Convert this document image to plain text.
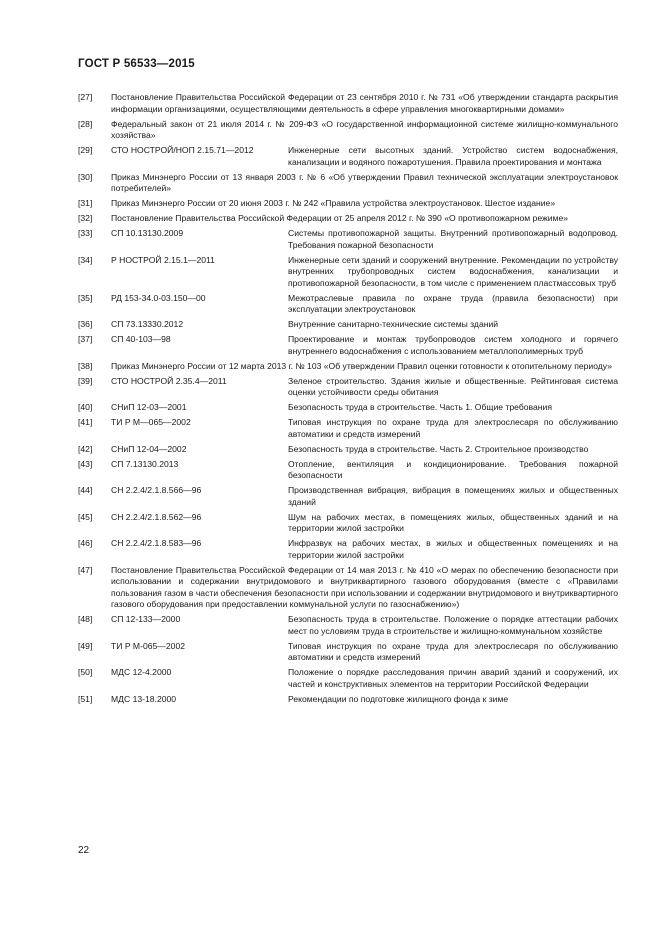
ГОСТ Р 56533—2015
[27]	Постановление Правительства Российской Федерации от 23 сентября 2010 г. № 731 «Об утверждении стандарта раскрытия информации организациями, осуществляющими деятельность в сфере управления многоквартирными домами»
[28]	Федеральный закон от 21 июля 2014 г. № 209-ФЗ «О государственной информационной системе жилищно-коммунального хозяйства»
[29]	СТО НОСТРОЙ/НОП 2.15.71—2012	Инженерные сети высотных зданий. Устройство систем водоснабжения, канализации и водяного пожаротушения. Правила проектирования и монтажа
[30]	Приказ Минэнерго России от 13 января 2003 г. № 6 «Об утверждении Правил технической эксплуатации электроустановок потребителей»
[31]	Приказ Минэнерго России от 20 июня 2003 г. № 242 «Правила устройства электроустановок. Шестое издание»
[32]	Постановление Правительства Российской Федерации от 25 апреля 2012 г. № 390 «О противопожарном режиме»
[33]	СП 10.13130.2009	Системы противопожарной защиты. Внутренний противопожарный водопровод. Требования пожарной безопасности
[34]	Р НОСТРОЙ 2.15.1—2011	Инженерные сети зданий и сооружений внутренние. Рекомендации по устройству внутренних трубопроводных систем водоснабжения, канализации и противопожарной безопасности, в том числе с применением пластмассовых труб
[35]	РД 153-34.0-03.150—00	Межотраслевые правила по охране труда (правила безопасности) при эксплуатации электроустановок
[36]	СП 73.13330.2012	Внутренние санитарно-технические системы зданий
[37]	СП 40-103—98	Проектирование и монтаж трубопроводов систем холодного и горячего внутреннего водоснабжения с использованием металлополимерных труб
[38]	Приказ Минэнерго России от 12 марта 2013 г. № 103 «Об утверждении Правил оценки готовности к отопительному периоду»
[39]	СТО НОСТРОЙ 2.35.4—2011	Зеленое строительство. Здания жилые и общественные. Рейтинговая система оценки устойчивости среды обитания
[40]	СНиП 12-03—2001	Безопасность труда в строительстве. Часть 1. Общие требования
[41]	ТИ Р М—065—2002	Типовая инструкция по охране труда для электрослесаря по обслуживанию автоматики и средств измерений
[42]	СНиП 12-04—2002	Безопасность труда в строительстве. Часть 2. Строительное производство
[43]	СП 7.13130.2013	Отопление, вентиляция и кондиционирование. Требования пожарной безопасности
[44]	СН 2.2.4/2.1.8.566—96	Производственная вибрация, вибрация в помещениях жилых и общественных зданий
[45]	СН 2.2.4/2.1.8.562—96	Шум на рабочих местах, в помещениях жилых, общественных зданий и на территории жилой застройки
[46]	СН 2.2.4/2.1.8.583—96	Инфразвук на рабочих местах, в жилых и общественных помещениях и на территории жилой застройки
[47]	Постановление Правительства Российской Федерации от 14 мая 2013 г. № 410 «О мерах по обеспечению безопасности при использовании и содержании внутридомового и внутриквартирного газового оборудования (вместе с «Правилами пользования газом в части обеспечения безопасности при использовании и содержании внутридомового и внутриквартирного газового оборудования при предоставлении коммунальной услуги по газоснабжению»)
[48]	СП 12-133—2000	Безопасность труда в строительстве. Положение о порядке аттестации рабочих мест по условиям труда в строительстве и жилищно-коммунальном хозяйстве
[49]	ТИ Р М-065—2002	Типовая инструкция по охране труда для электрослесаря по обслуживанию автоматики и средств измерений
[50]	МДС 12-4.2000	Положение о порядке расследования причин аварий зданий и сооружений, их частей и конструктивных элементов на территории Российской Федерации
[51]	МДС 13-18.2000	Рекомендации по подготовке жилищного фонда к зиме
22
